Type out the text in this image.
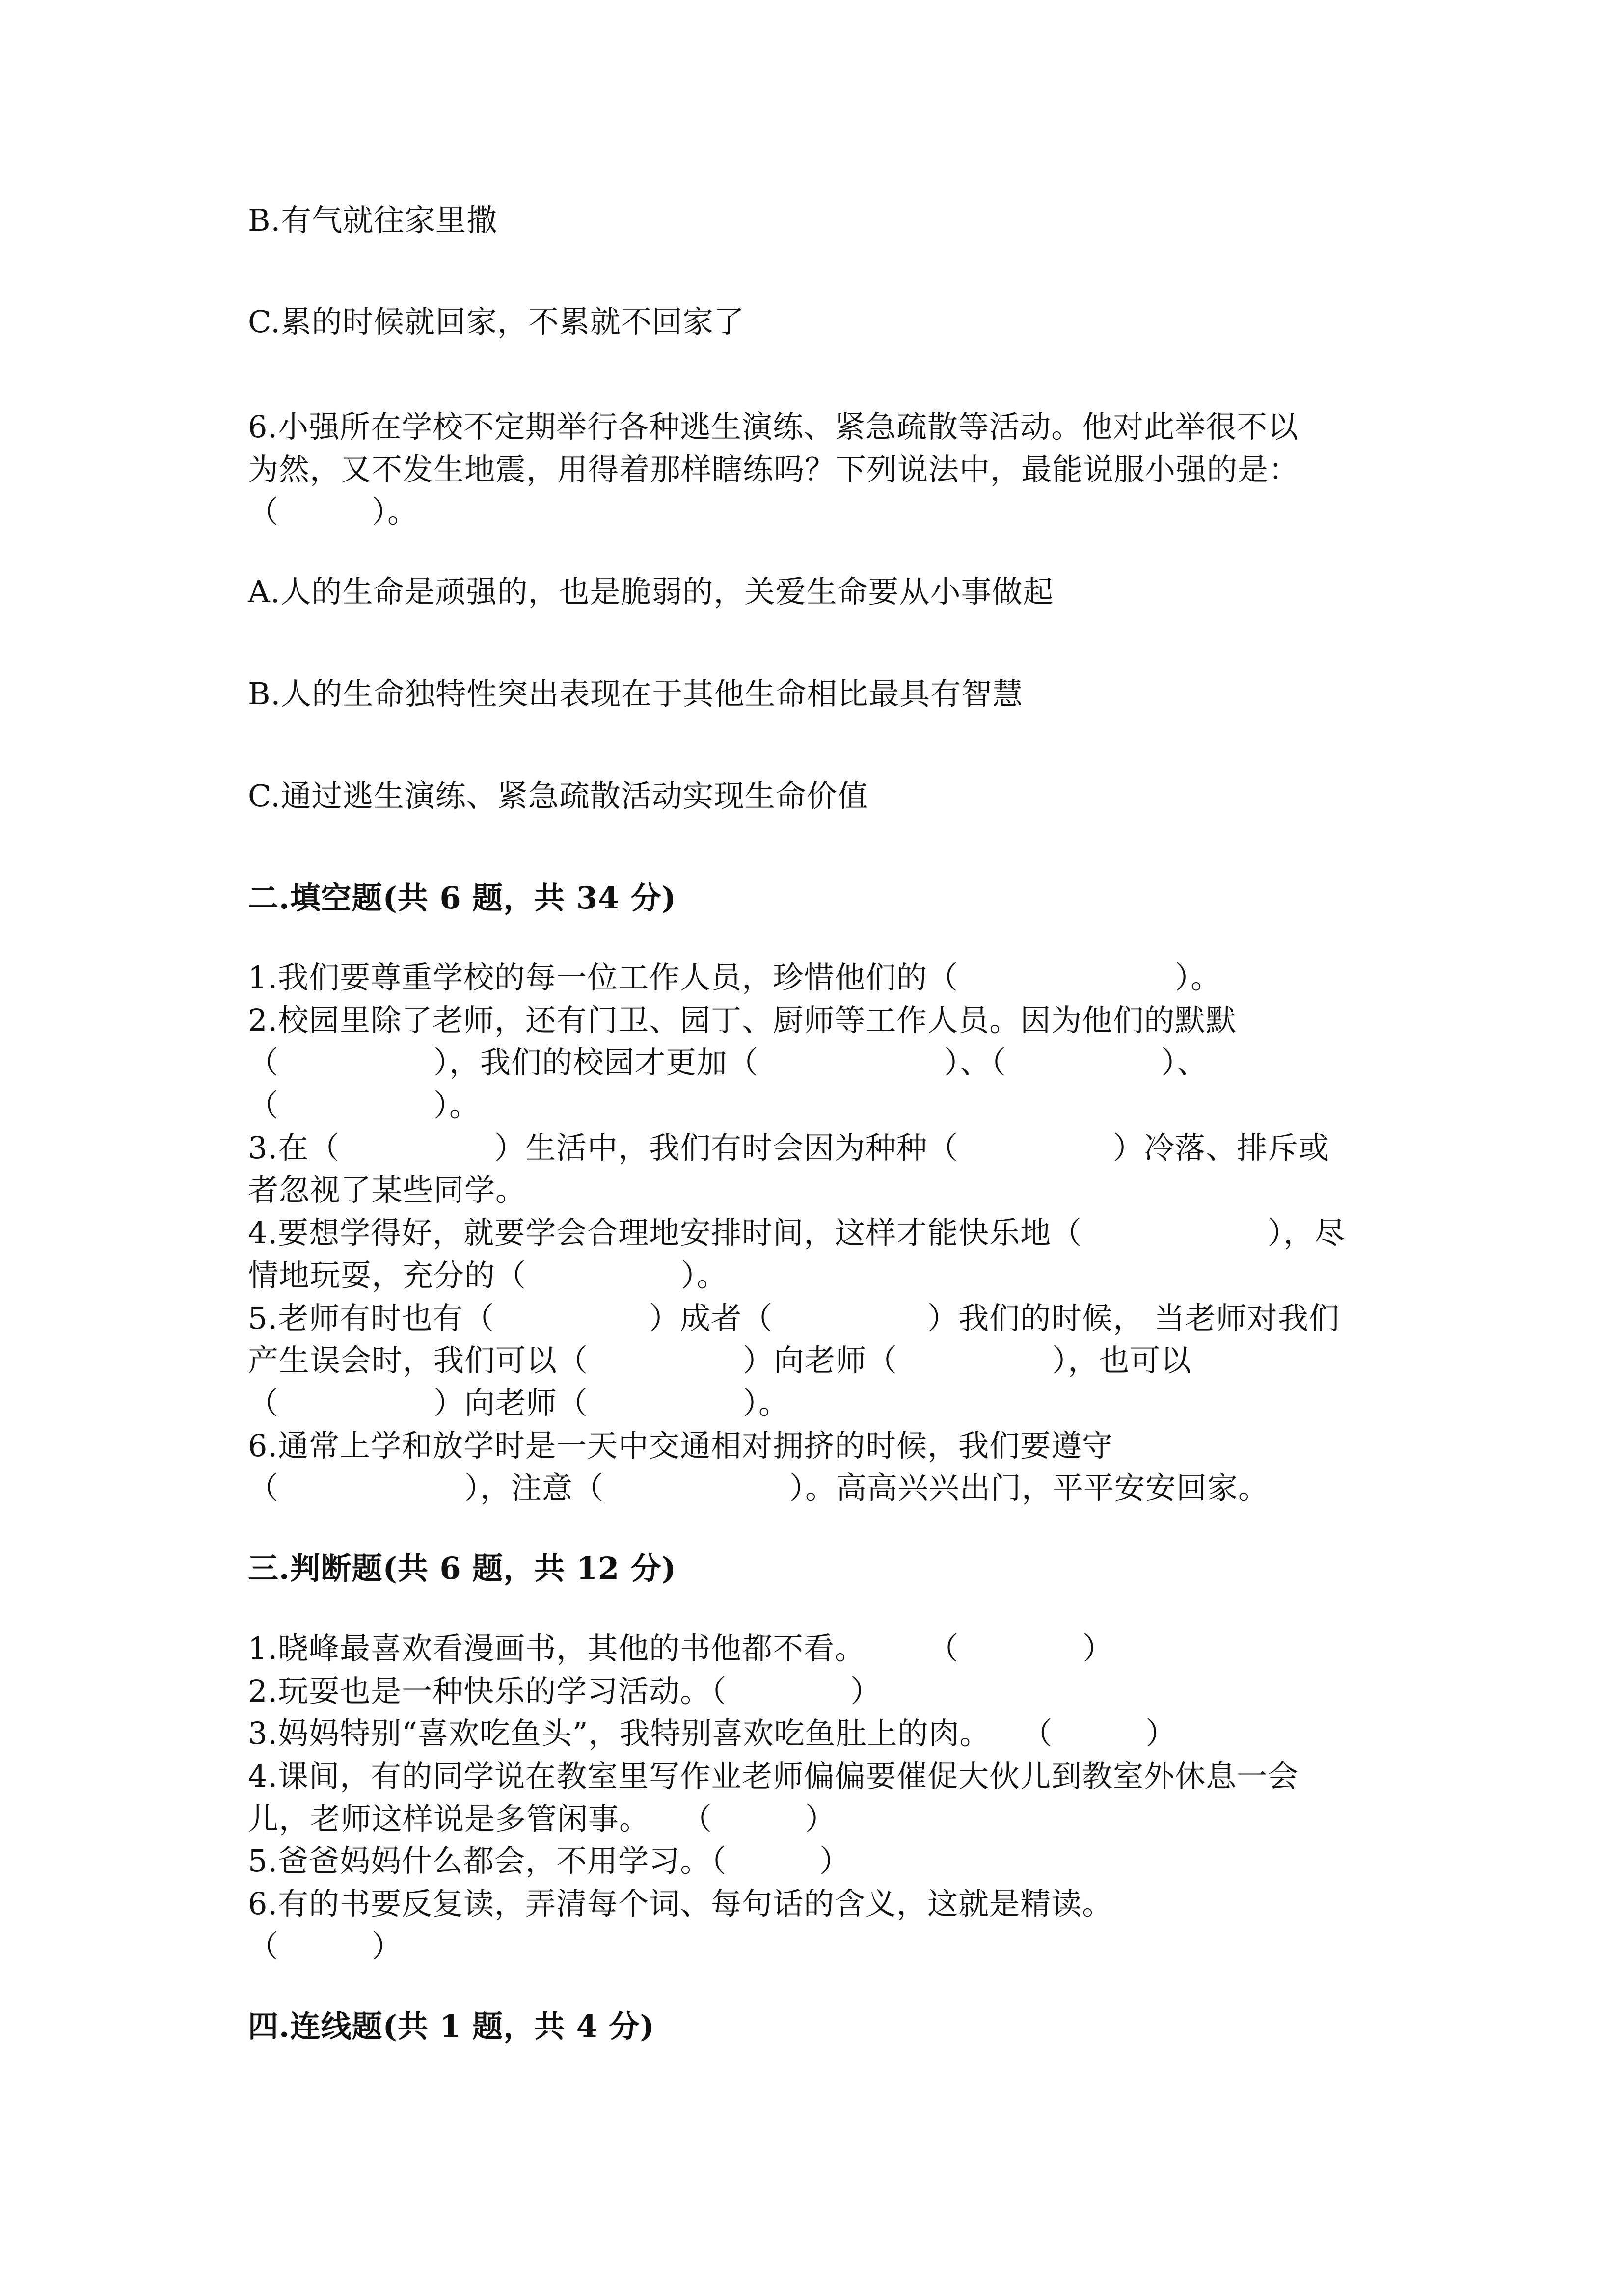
B.有气就往家里撒
C.累的时候就回家，不累就不回家了
6.小强所在学校不定期举行各种逃生演练、紧急疏散等活动。他对此举很不以
为然，又不发生地震，用得着那样瞎练吗？下列说法中，最能说服小强的是：
（　　　）。
A.人的生命是顽强的，也是脆弱的，关爱生命要从小事做起
B.人的生命独特性突出表现在于其他生命相比最具有智慧
C.通过逃生演练、紧急疏散活动实现生命价值
二.填空题(共 6 题，共 34 分)
1.我们要尊重学校的每一位工作人员，珍惜他们的（　　　　　　　）。
2.校园里除了老师，还有门卫、园丁、厨师等工作人员。因为他们的默默
（　　　　　），我们的校园才更加（　　　　　　）、（　　　　　）、
（　　　　　）。
3.在（　　　　　）生活中，我们有时会因为种种（　　　　　）冷落、排斥或
者忽视了某些同学。
4.要想学得好，就要学会合理地安排时间，这样才能快乐地（　　　　　　），尽
情地玩耍，充分的（　　　　　）。
5.老师有时也有（　　　　　）成者（　　　　　）我们的时候， 当老师对我们
产生误会时，我们可以（　　　　　）向老师（　　　　　），也可以
（　　　　　）向老师（　　　　　）。
6.通常上学和放学时是一天中交通相对拥挤的时候，我们要遵守
（　　　　　　），注意（　　　　　　）。高高兴兴出门，平平安安回家。
三.判断题(共 6 题，共 12 分)
1.晓峰最喜欢看漫画书，其他的书他都不看。　　　（　　　　）
2.玩耍也是一种快乐的学习活动。（　　　　）
3.妈妈特别“喜欢吃鱼头”，我特别喜欢吃鱼肚上的肉。　　（　　　）
4.课间，有的同学说在教室里写作业老师偏偏要催促大伙儿到教室外休息一会
儿，老师这样说是多管闲事。　　（　　　）
5.爸爸妈妈什么都会，不用学习。（　　　）
6.有的书要反复读，弄清每个词、每句话的含义，这就是精读。
（　　　）
四.连线题(共 1 题，共 4 分)
